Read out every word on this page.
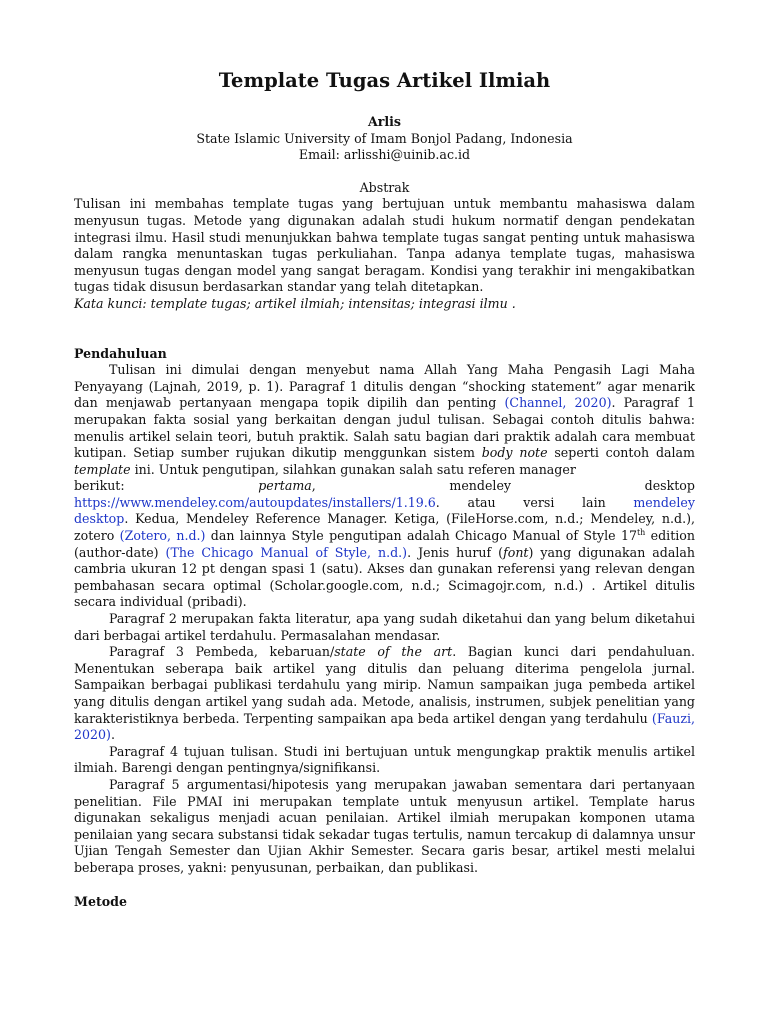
Template Tugas Artikel Ilmiah

Arlis

State Islamic University of Imam Bonjol Padang, Indonesia

Email: arlisshi@uinib.ac.id

Abstrak

Tulisan ini membahas template tugas yang bertujuan untuk membantu mahasiswa dalam menyusun tugas. Metode yang digunakan adalah studi hukum normatif dengan pendekatan integrasi ilmu. Hasil studi menunjukkan bahwa template tugas sangat penting untuk mahasiswa dalam rangka menuntaskan tugas perkuliahan. Tanpa adanya template tugas, mahasiswa menyusun tugas dengan model yang sangat beragam. Kondisi yang terakhir ini mengakibatkan tugas tidak disusun berdasarkan standar yang telah ditetapkan.

Kata kunci: template tugas; artikel ilmiah; intensitas; integrasi ilmu .

Pendahuluan

Tulisan ini dimulai dengan menyebut nama Allah Yang Maha Pengasih Lagi Maha Penyayang (Lajnah, 2019, p. 1). Paragraf 1 ditulis dengan “shocking statement” agar menarik dan menjawab pertanyaan mengapa topik dipilih dan penting (Channel, 2020). Paragraf 1 merupakan fakta sosial yang berkaitan dengan judul tulisan. Sebagai contoh ditulis bahwa: menulis artikel selain teori, butuh praktik. Salah satu bagian dari praktik adalah cara membuat kutipan. Setiap sumber rujukan dikutip menggunkan sistem body note seperti contoh dalam template ini. Untuk pengutipan, silahkan gunakan salah satu referen manager

berikut:	pertama,	mendeley	desktop
https://www.mendeley.com/autoupdates/installers/1.19.6. atau versi lain mendeley

desktop. Kedua, Mendeley Reference Manager. Ketiga, (FileHorse.com, n.d.; Mendeley, n.d.), zotero (Zotero, n.d.) dan lainnya Style pengutipan adalah Chicago Manual of Style 17th edition (author-date) (The Chicago Manual of Style, n.d.). Jenis huruf (font) yang digunakan adalah cambria ukuran 12 pt dengan spasi 1 (satu). Akses dan gunakan referensi yang relevan dengan pembahasan secara optimal (Scholar.google.com, n.d.; Scimagojr.com, n.d.) . Artikel ditulis secara individual (pribadi).

Paragraf 2 merupakan fakta literatur, apa yang sudah diketahui dan yang belum diketahui dari berbagai artikel terdahulu. Permasalahan mendasar.

Paragraf 3 Pembeda, kebaruan/state of the art. Bagian kunci dari pendahuluan. Menentukan seberapa baik artikel yang ditulis dan peluang diterima pengelola jurnal. Sampaikan berbagai publikasi terdahulu yang mirip. Namun sampaikan juga pembeda artikel yang ditulis dengan artikel yang sudah ada. Metode, analisis, instrumen, subjek penelitian yang karakteristiknya berbeda. Terpenting sampaikan apa beda artikel dengan yang terdahulu (Fauzi, 2020).

Paragraf 4 tujuan tulisan. Studi ini bertujuan untuk mengungkap praktik menulis artikel ilmiah. Barengi dengan pentingnya/signifikansi.

Paragraf 5 argumentasi/hipotesis yang merupakan jawaban sementara dari pertanyaan penelitian. File PMAI ini merupakan template untuk menyusun artikel. Template harus digunakan sekaligus menjadi acuan penilaian. Artikel ilmiah merupakan komponen utama penilaian yang secara substansi tidak sekadar tugas tertulis, namun tercakup di dalamnya unsur Ujian Tengah Semester dan Ujian Akhir Semester. Secara garis besar, artikel mesti melalui beberapa proses, yakni: penyusunan, perbaikan, dan publikasi.

Metode
